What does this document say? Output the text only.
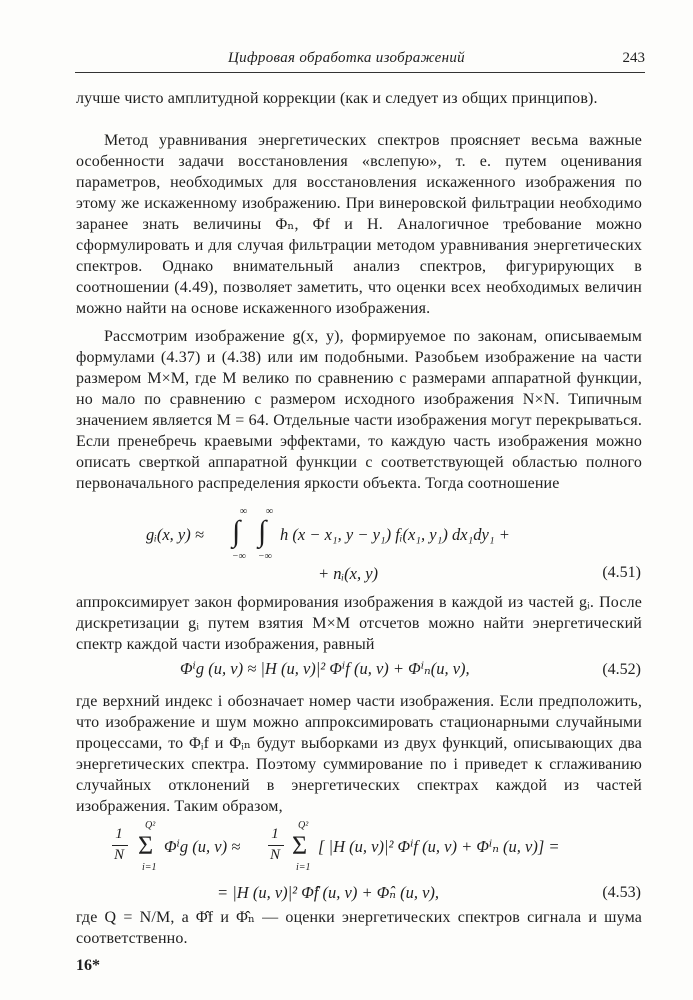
Цифровая обработка изображений	243

лучше чисто амплитудной коррекции (как и следует из общих принципов).

Метод уравнивания энергетических спектров проясняет весьма важные особенности задачи восстановления «вслепую», т. е. путем оценивания параметров, необходимых для восстановления искаженного изображения по этому же искаженному изображению. При винеровской фильтрации необходимо заранее знать величины Φₙ, Φf и H. Аналогичное требование можно сформулировать и для случая фильтрации методом уравнивания энергетических спектров. Однако внимательный анализ спектров, фигурирующих в соотношении (4.49), позволяет заметить, что оценки всех необходимых величин можно найти на основе искаженного изображения.

Рассмотрим изображение g(x, y), формируемое по законам, описываемым формулами (4.37) и (4.38) или им подобными. Разобьем изображение на части размером M×M, где M велико по сравнению с размерами аппаратной функции, но мало по сравнению с размером исходного изображения N×N. Типичным значением является M = 64. Отдельные части изображения могут перекрываться. Если пренебречь краевыми эффектами, то каждую часть изображения можно описать сверткой аппаратной функции с соответствующей областью полного первоначального распределения яркости объекта. Тогда соотношение

gᵢ(x, y) ≈ ∫
∞
−∞
∫
∞
−∞
h (x − x₁, y − y₁) fᵢ(x₁, y₁) dx₁dy₁ +
+ nᵢ(x, y)	(4.51)

аппроксимирует закон формирования изображения в каждой из частей gᵢ. После дискретизации gᵢ путем взятия M×M отсчетов можно найти энергетический спектр каждой части изображения, равный

Φⁱg (u, v) ≈ |H (u, v)|² Φⁱf (u, v) + Φⁱₙ(u, v),	(4.52)

где верхний индекс i обозначает номер части изображения. Если предположить, что изображение и шум можно аппроксимировать стационарными случайными процессами, то Φᵢf и Φᵢₙ будут выборками из двух функций, описывающих два энергетических спектра. Поэтому суммирование по i приведет к сглаживанию случайных отклонений в энергетических спектрах каждой из частей изображения. Таким образом,

1
N
Q²
Σ
i=1
Φⁱg (u, v) ≈
1
N
Q²
Σ
i=1
[ |H (u, v)|² Φⁱf (u, v) + Φⁱₙ (u, v)] =
= |H (u, v)|² Φ̂f (u, v) + Φ̂ₙ (u, v),	(4.53)

где Q = N/M, а Φ̂f и Φ̂ₙ — оценки энергетических спектров сигнала и шума соответственно.

16*
